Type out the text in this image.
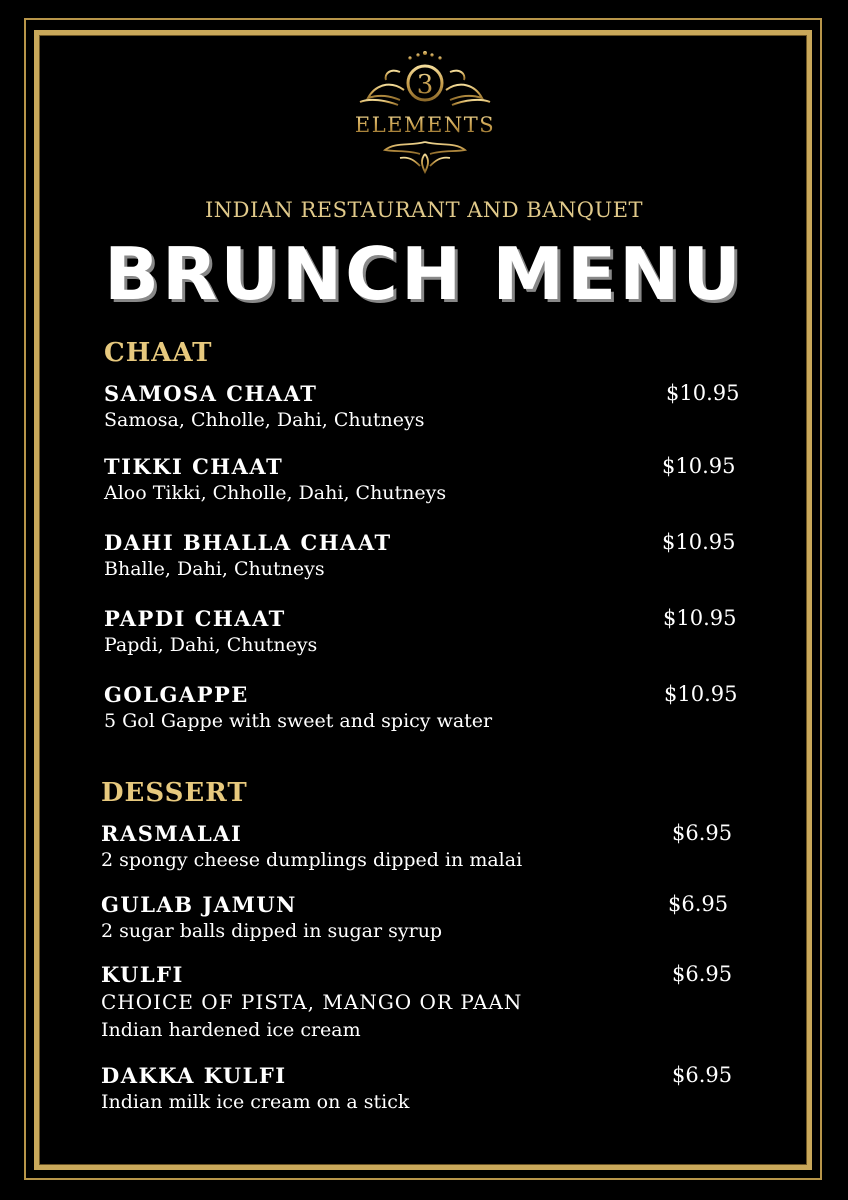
3
ELEMENTS
INDIAN RESTAURANT AND BANQUET
BRUNCH MENU
CHAAT
SAMOSA CHAAT
Samosa, Chholle, Dahi, Chutneys
$10.95
TIKKI CHAAT
Aloo Tikki, Chholle, Dahi, Chutneys
$10.95
DAHI BHALLA CHAAT
Bhalle, Dahi, Chutneys
$10.95
PAPDI CHAAT
Papdi, Dahi, Chutneys
$10.95
GOLGAPPE
5 Gol Gappe with sweet and spicy water
$10.95
DESSERT
RASMALAI
2 spongy cheese dumplings dipped in malai
$6.95
GULAB JAMUN
2 sugar balls dipped in sugar syrup
$6.95
KULFI
CHOICE OF PISTA, MANGO OR PAAN
Indian hardened ice cream
$6.95
DAKKA KULFI
Indian milk ice cream on a stick
$6.95
